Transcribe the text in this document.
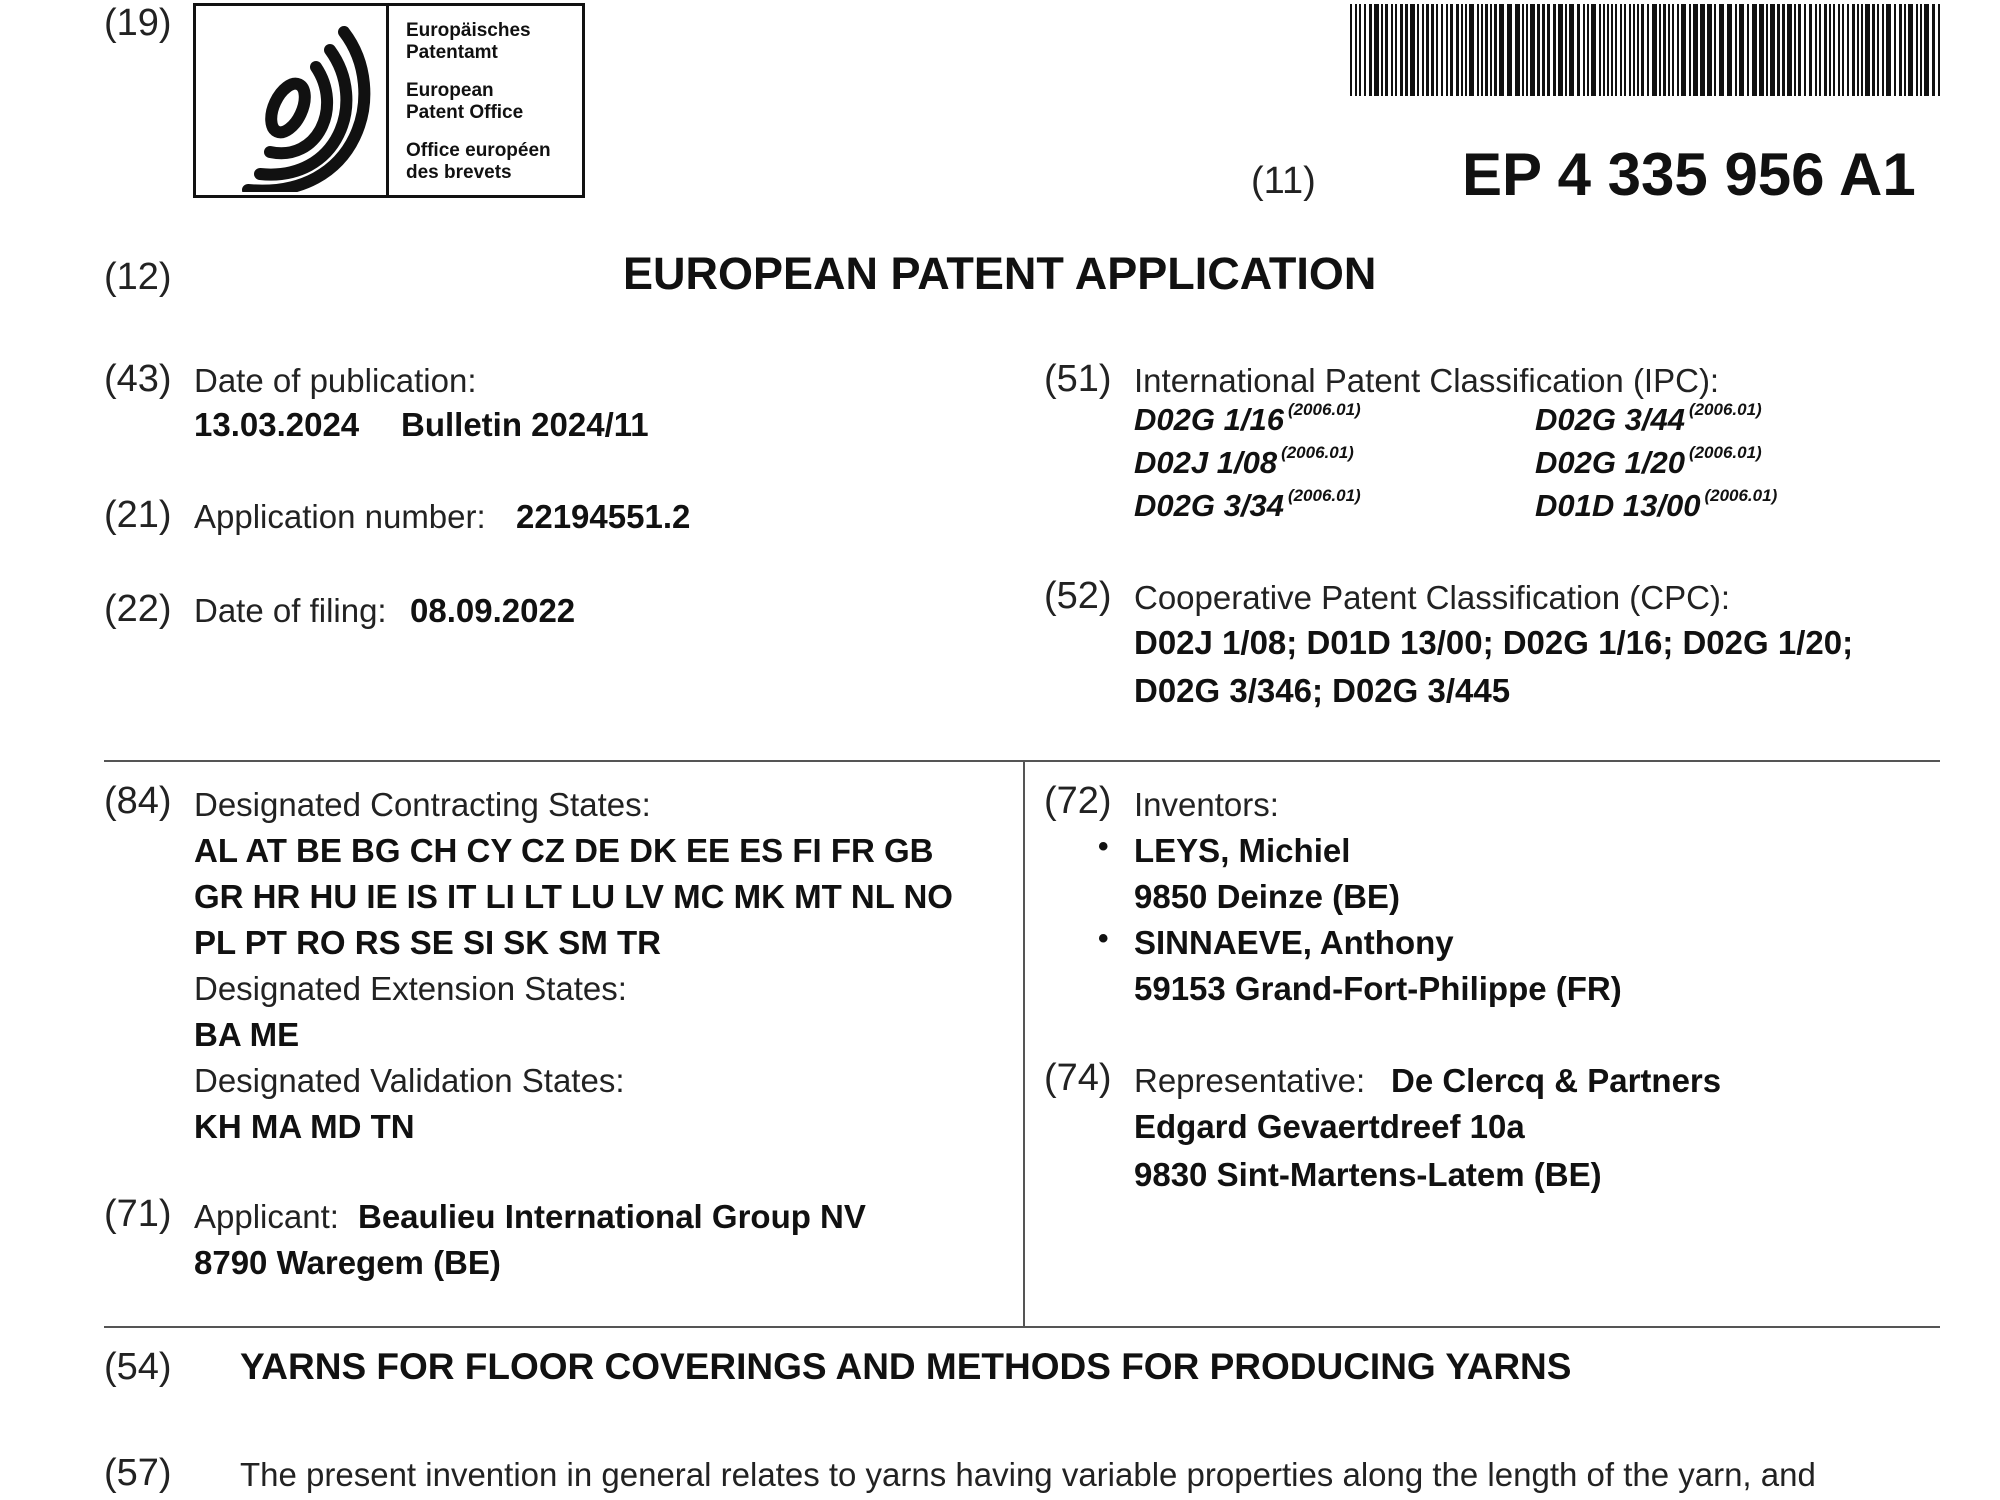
(19)	Europäisches
Patentamt
European
Patent Office
Office européen
des brevets	(11) EP 4 335 956 A1
(12)	EUROPEAN PATENT APPLICATION
(43) Date of publication:
13.03.2024 Bulletin 2024/11
(21) Application number: 22194551.2
(22) Date of filing: 08.09.2022
(51) International Patent Classification (IPC):
D02G 1/16 $^{(2006.01)}$	D02G 3/44 $^{(2006.01)}$
D02J 1/08 $^{(2006.01)}$	D02G 1/20 $^{(2006.01)}$
D02G 3/34 $^{(2006.01)}$	D01D 13/00 $^{(2006.01)}$
(52) Cooperative Patent Classification (CPC):
D02J 1/08; D01D 13/00; D02G 1/16; D02G 1/20;
D02G 3/346; D02G 3/445
(84) Designated Contracting States:
AL AT BE BG CH CY CZ DE DK EE ES FI FR GB
GR HR HU IE IS IT LI LT LU LV MC MK MT NL NO
PL PT RO RS SE SI SK SM TR
Designated Extension States:
BA ME
Designated Validation States:
KH MA MD TN
(71) Applicant: Beaulieu International Group NV
8790 Waregem (BE)
(72) Inventors:
• LEYS, Michiel
9850 Deinze (BE)
• SINNAEVE, Anthony
59153 Grand-Fort-Philippe (FR)
(74) Representative: De Clercq & Partners
Edgard Gevaertdreef 10a
9830 Sint-Martens-Latem (BE)
(54) YARNS FOR FLOOR COVERINGS AND METHODS FOR PRODUCING YARNS
(57) The present invention in general relates to yarns having variable properties along the length of the yarn, and
